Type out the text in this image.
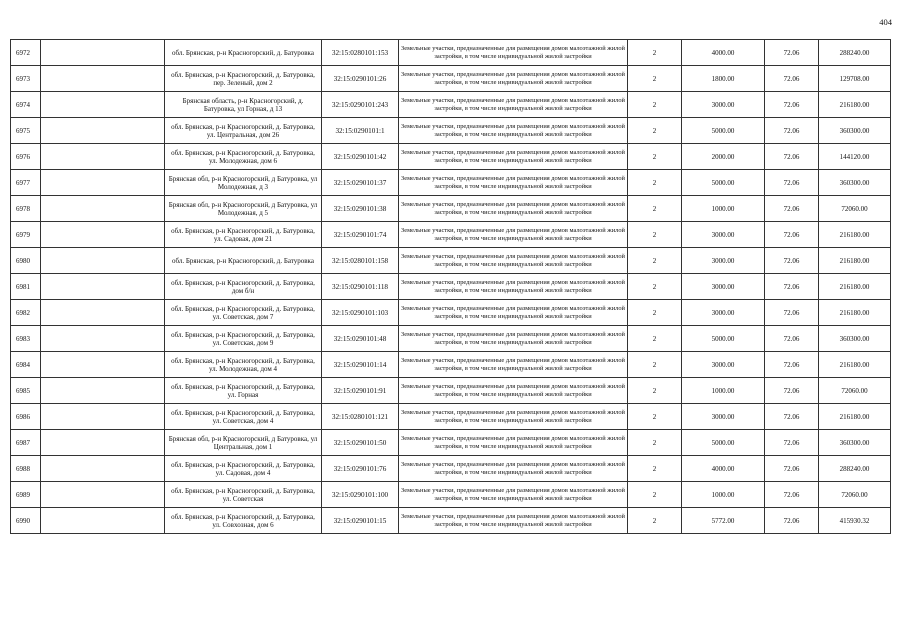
404
6972		обл. Брянская, р-н Красногорский, д. Батуровка	32:15:0280101:153	Земельные участки, предназначенные для размещения домов малоэтажной жилой застройки, в том числе индивидуальной жилой застройки	2	4000.00	72.06	288240.00
6973		обл. Брянская, р-н Красногорский, д. Батуровка, пер. Зеленый, дом 2	32:15:0290101:26	Земельные участки, предназначенные для размещения домов малоэтажной жилой застройки, в том числе индивидуальной жилой застройки	2	1800.00	72.06	129708.00
6974		Брянская область, р-н Красногорский, д. Батуровка, ул Горная, д 13	32:15:0290101:243	Земельные участки, предназначенные для размещения домов малоэтажной жилой застройки, в том числе индивидуальной жилой застройки	2	3000.00	72.06	216180.00
6975		обл. Брянская, р-н Красногорский, д. Батуровка, ул. Центральная, дом 26	32:15:0290101:1	Земельные участки, предназначенные для размещения домов малоэтажной жилой застройки, в том числе индивидуальной жилой застройки	2	5000.00	72.06	360300.00
6976		обл. Брянская, р-н Красногорский, д. Батуровка, ул. Молодежная, дом 6	32:15:0290101:42	Земельные участки, предназначенные для размещения домов малоэтажной жилой застройки, в том числе индивидуальной жилой застройки	2	2000.00	72.06	144120.00
6977		Брянская обл, р-н Красногорский, д Батуровка, ул Молодежная, д 3	32:15:0290101:37	Земельные участки, предназначенные для размещения домов малоэтажной жилой застройки, в том числе индивидуальной жилой застройки	2	5000.00	72.06	360300.00
6978		Брянская обл, р-н Красногорский, д Батуровка, ул Молодежная, д 5	32:15:0290101:38	Земельные участки, предназначенные для размещения домов малоэтажной жилой застройки, в том числе индивидуальной жилой застройки	2	1000.00	72.06	72060.00
6979		обл. Брянская, р-н Красногорский, д. Батуровка, ул. Садовая, дом 21	32:15:0290101:74	Земельные участки, предназначенные для размещения домов малоэтажной жилой застройки, в том числе индивидуальной жилой застройки	2	3000.00	72.06	216180.00
6980		обл. Брянская, р-н Красногорский, д. Батуровка	32:15:0280101:158	Земельные участки, предназначенные для размещения домов малоэтажной жилой застройки, в том числе индивидуальной жилой застройки	2	3000.00	72.06	216180.00
6981		обл. Брянская, р-н Красногорский, д. Батуровка, дом б/н	32:15:0290101:118	Земельные участки, предназначенные для размещения домов малоэтажной жилой застройки, в том числе индивидуальной жилой застройки	2	3000.00	72.06	216180.00
6982		обл. Брянская, р-н Красногорский, д. Батуровка, ул. Советская, дом 7	32:15:0290101:103	Земельные участки, предназначенные для размещения домов малоэтажной жилой застройки, в том числе индивидуальной жилой застройки	2	3000.00	72.06	216180.00
6983		обл. Брянская, р-н Красногорский, д. Батуровка, ул. Советская, дом 9	32:15:0290101:48	Земельные участки, предназначенные для размещения домов малоэтажной жилой застройки, в том числе индивидуальной жилой застройки	2	5000.00	72.06	360300.00
6984		обл. Брянская, р-н Красногорский, д. Батуровка, ул. Молодежная, дом 4	32:15:0290101:14	Земельные участки, предназначенные для размещения домов малоэтажной жилой застройки, в том числе индивидуальной жилой застройки	2	3000.00	72.06	216180.00
6985		обл. Брянская, р-н Красногорский, д. Батуровка, ул. Горная	32:15:0290101:91	Земельные участки, предназначенные для размещения домов малоэтажной жилой застройки, в том числе индивидуальной жилой застройки	2	1000.00	72.06	72060.00
6986		обл. Брянская, р-н Красногорский, д. Батуровка, ул. Советская, дом 4	32:15:0280101:121	Земельные участки, предназначенные для размещения домов малоэтажной жилой застройки, в том числе индивидуальной жилой застройки	2	3000.00	72.06	216180.00
6987		Брянская обл, р-н Красногорский, д Батуровка, ул Центральная, дом 1	32:15:0290101:50	Земельные участки, предназначенные для размещения домов малоэтажной жилой застройки, в том числе индивидуальной жилой застройки	2	5000.00	72.06	360300.00
6988		обл. Брянская, р-н Красногорский, д. Батуровка, ул. Садовая, дом 4	32:15:0290101:76	Земельные участки, предназначенные для размещения домов малоэтажной жилой застройки, в том числе индивидуальной жилой застройки	2	4000.00	72.06	288240.00
6989		обл. Брянская, р-н Красногорский, д. Батуровка, ул. Советская	32:15:0290101:100	Земельные участки, предназначенные для размещения домов малоэтажной жилой застройки, в том числе индивидуальной жилой застройки	2	1000.00	72.06	72060.00
6990		обл. Брянская, р-н Красногорский, д. Батуровка, ул. Совхозная, дом 6	32:15:0290101:15	Земельные участки, предназначенные для размещения домов малоэтажной жилой застройки, в том числе индивидуальной жилой застройки	2	5772.00	72.06	415930.32
